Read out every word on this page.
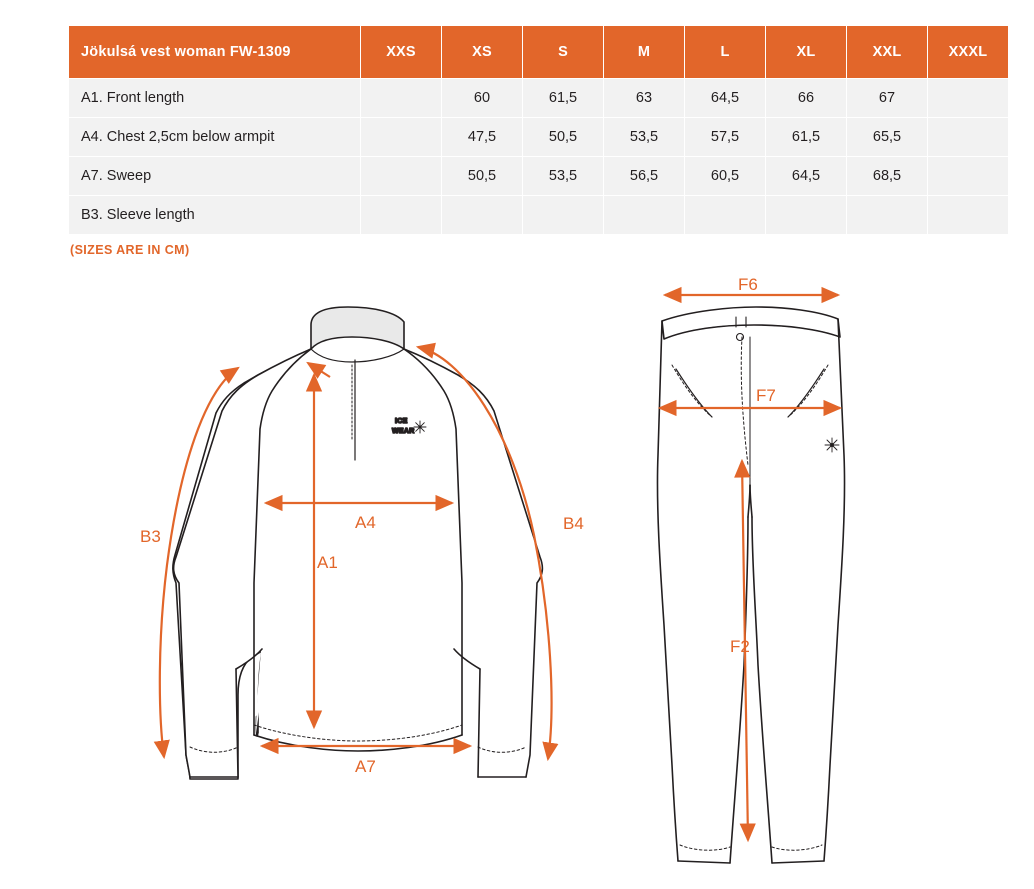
Jökulsá vest woman FW-1309	XXS	XS	S	M	L	XL	XXL	XXXL
A1. Front length		60	61,5	63	64,5	66	67	
A4. Chest 2,5cm below armpit		47,5	50,5	53,5	57,5	61,5	65,5	
A7. Sweep		50,5	53,5	56,5	60,5	64,5	68,5	
B3. Sleeve length								
(SIZES ARE IN CM)
ICE
WEAR
B3
A4
A1
A7
B4
F6
F7
F2
